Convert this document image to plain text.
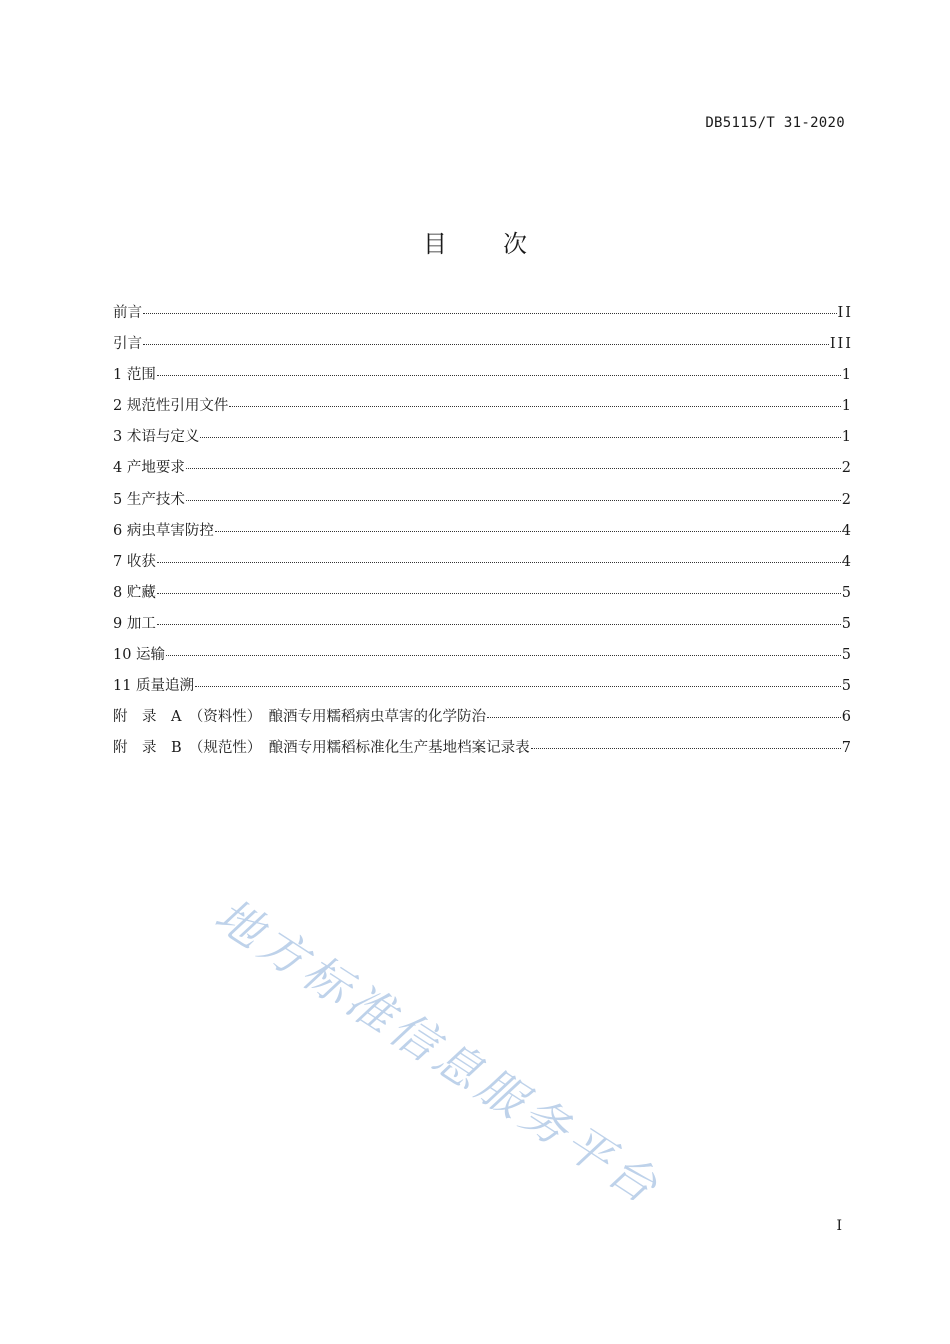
DB5115/T 31-2020
目 次
前言	II
引言	III
1 范围	1
2 规范性引用文件	1
3 术语与定义	1
4 产地要求	2
5 生产技术	2
6 病虫草害防控	4
7 收获	4
8 贮藏	5
9 加工	5
10 运输	5
11 质量追溯	5
附　录　A　（资料性）　酿酒专用糯稻病虫草害的化学防治	6
附　录　B　（规范性）　酿酒专用糯稻标准化生产基地档案记录表	7
地方标准信息服务平台
I
